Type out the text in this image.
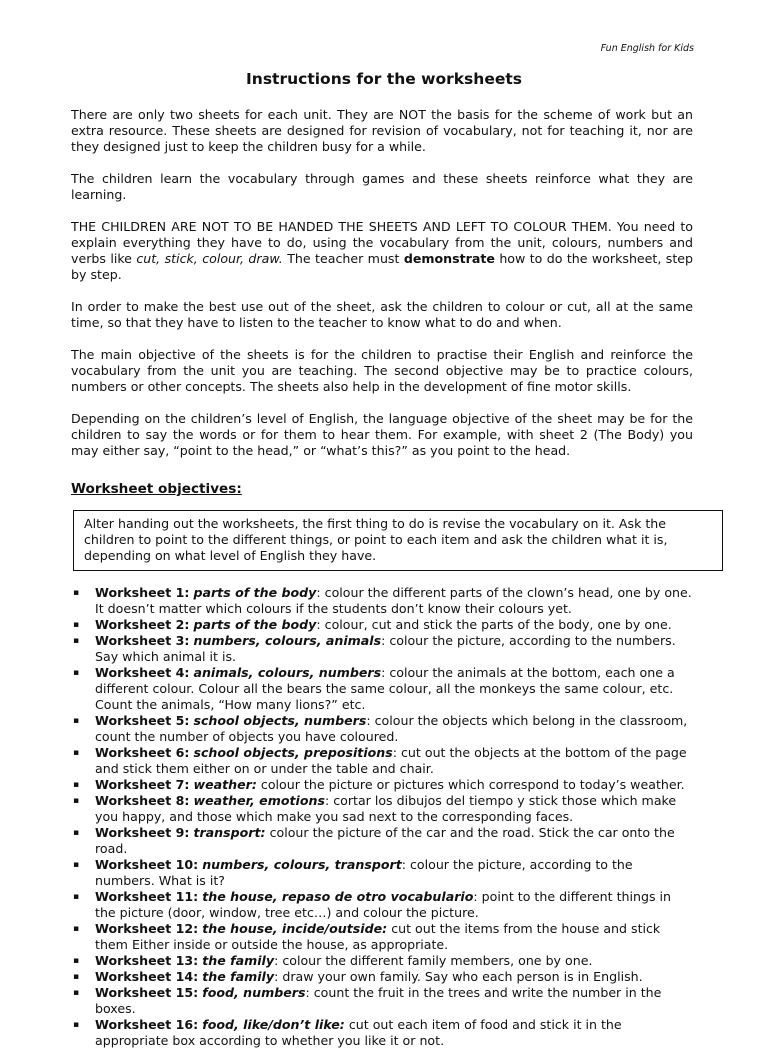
Fun English for Kids
Instructions for the worksheets

There are only two sheets for each unit. They are NOT the basis for the scheme of work but an extra resource. These sheets are designed for revision of vocabulary, not for teaching it, nor are they designed just to keep the children busy for a while.

The children learn the vocabulary through games and these sheets reinforce what they are learning.

THE CHILDREN ARE NOT TO BE HANDED THE SHEETS AND LEFT TO COLOUR THEM. You need to explain everything they have to do, using the vocabulary from the unit, colours, numbers and verbs like cut, stick, colour, draw. The teacher must demonstrate how to do the worksheet, step by step.

In order to make the best use out of the sheet, ask the children to colour or cut, all at the same time, so that they have to listen to the teacher to know what to do and when.

The main objective of the sheets is for the children to practise their English and reinforce the vocabulary from the unit you are teaching. The second objective may be to practice colours, numbers or other concepts. The sheets also help in the development of fine motor skills.

Depending on the children’s level of English, the language objective of the sheet may be for the children to say the words or for them to hear them. For example, with sheet 2 (The Body) you may either say, “point to the head,” or “what’s this?” as you point to the head.

Worksheet objectives:
Alter handing out the worksheets, the first thing to do is revise the vocabulary on it. Ask the children to point to the different things, or point to each item and ask the children what it is, depending on what level of English they have.
▪ Worksheet 1: parts of the body: colour the different parts of the clown’s head, one by one. It doesn’t matter which colours if the students don’t know their colours yet.
▪ Worksheet 2: parts of the body: colour, cut and stick the parts of the body, one by one.
▪ Worksheet 3: numbers, colours, animals: colour the picture, according to the numbers. Say which animal it is.
▪ Worksheet 4: animals, colours, numbers: colour the animals at the bottom, each one a different colour. Colour all the bears the same colour, all the monkeys the same colour, etc. Count the animals, “How many lions?” etc.
▪ Worksheet 5: school objects, numbers: colour the objects which belong in the classroom, count the number of objects you have coloured.
▪ Worksheet 6: school objects, prepositions: cut out the objects at the bottom of the page and stick them either on or under the table and chair.
▪ Worksheet 7: weather: colour the picture or pictures which correspond to today’s weather.
▪ Worksheet 8: weather, emotions: cortar los dibujos del tiempo y stick those which make you happy, and those which make you sad next to the corresponding faces.
▪ Worksheet 9: transport: colour the picture of the car and the road. Stick the car onto the road.
▪ Worksheet 10: numbers, colours, transport: colour the picture, according to the numbers. What is it?
▪ Worksheet 11: the house, repaso de otro vocabulario: point to the different things in the picture (door, window, tree etc…) and colour the picture.
▪ Worksheet 12: the house, incide/outside: cut out the items from the house and stick them Either inside or outside the house, as appropriate.
▪ Worksheet 13: the family: colour the different family members, one by one.
▪ Worksheet 14: the family: draw your own family. Say who each person is in English.
▪ Worksheet 15: food, numbers: count the fruit in the trees and write the number in the boxes.
▪ Worksheet 16: food, like/don’t like: cut out each item of food and stick it in the appropriate box according to whether you like it or not.
